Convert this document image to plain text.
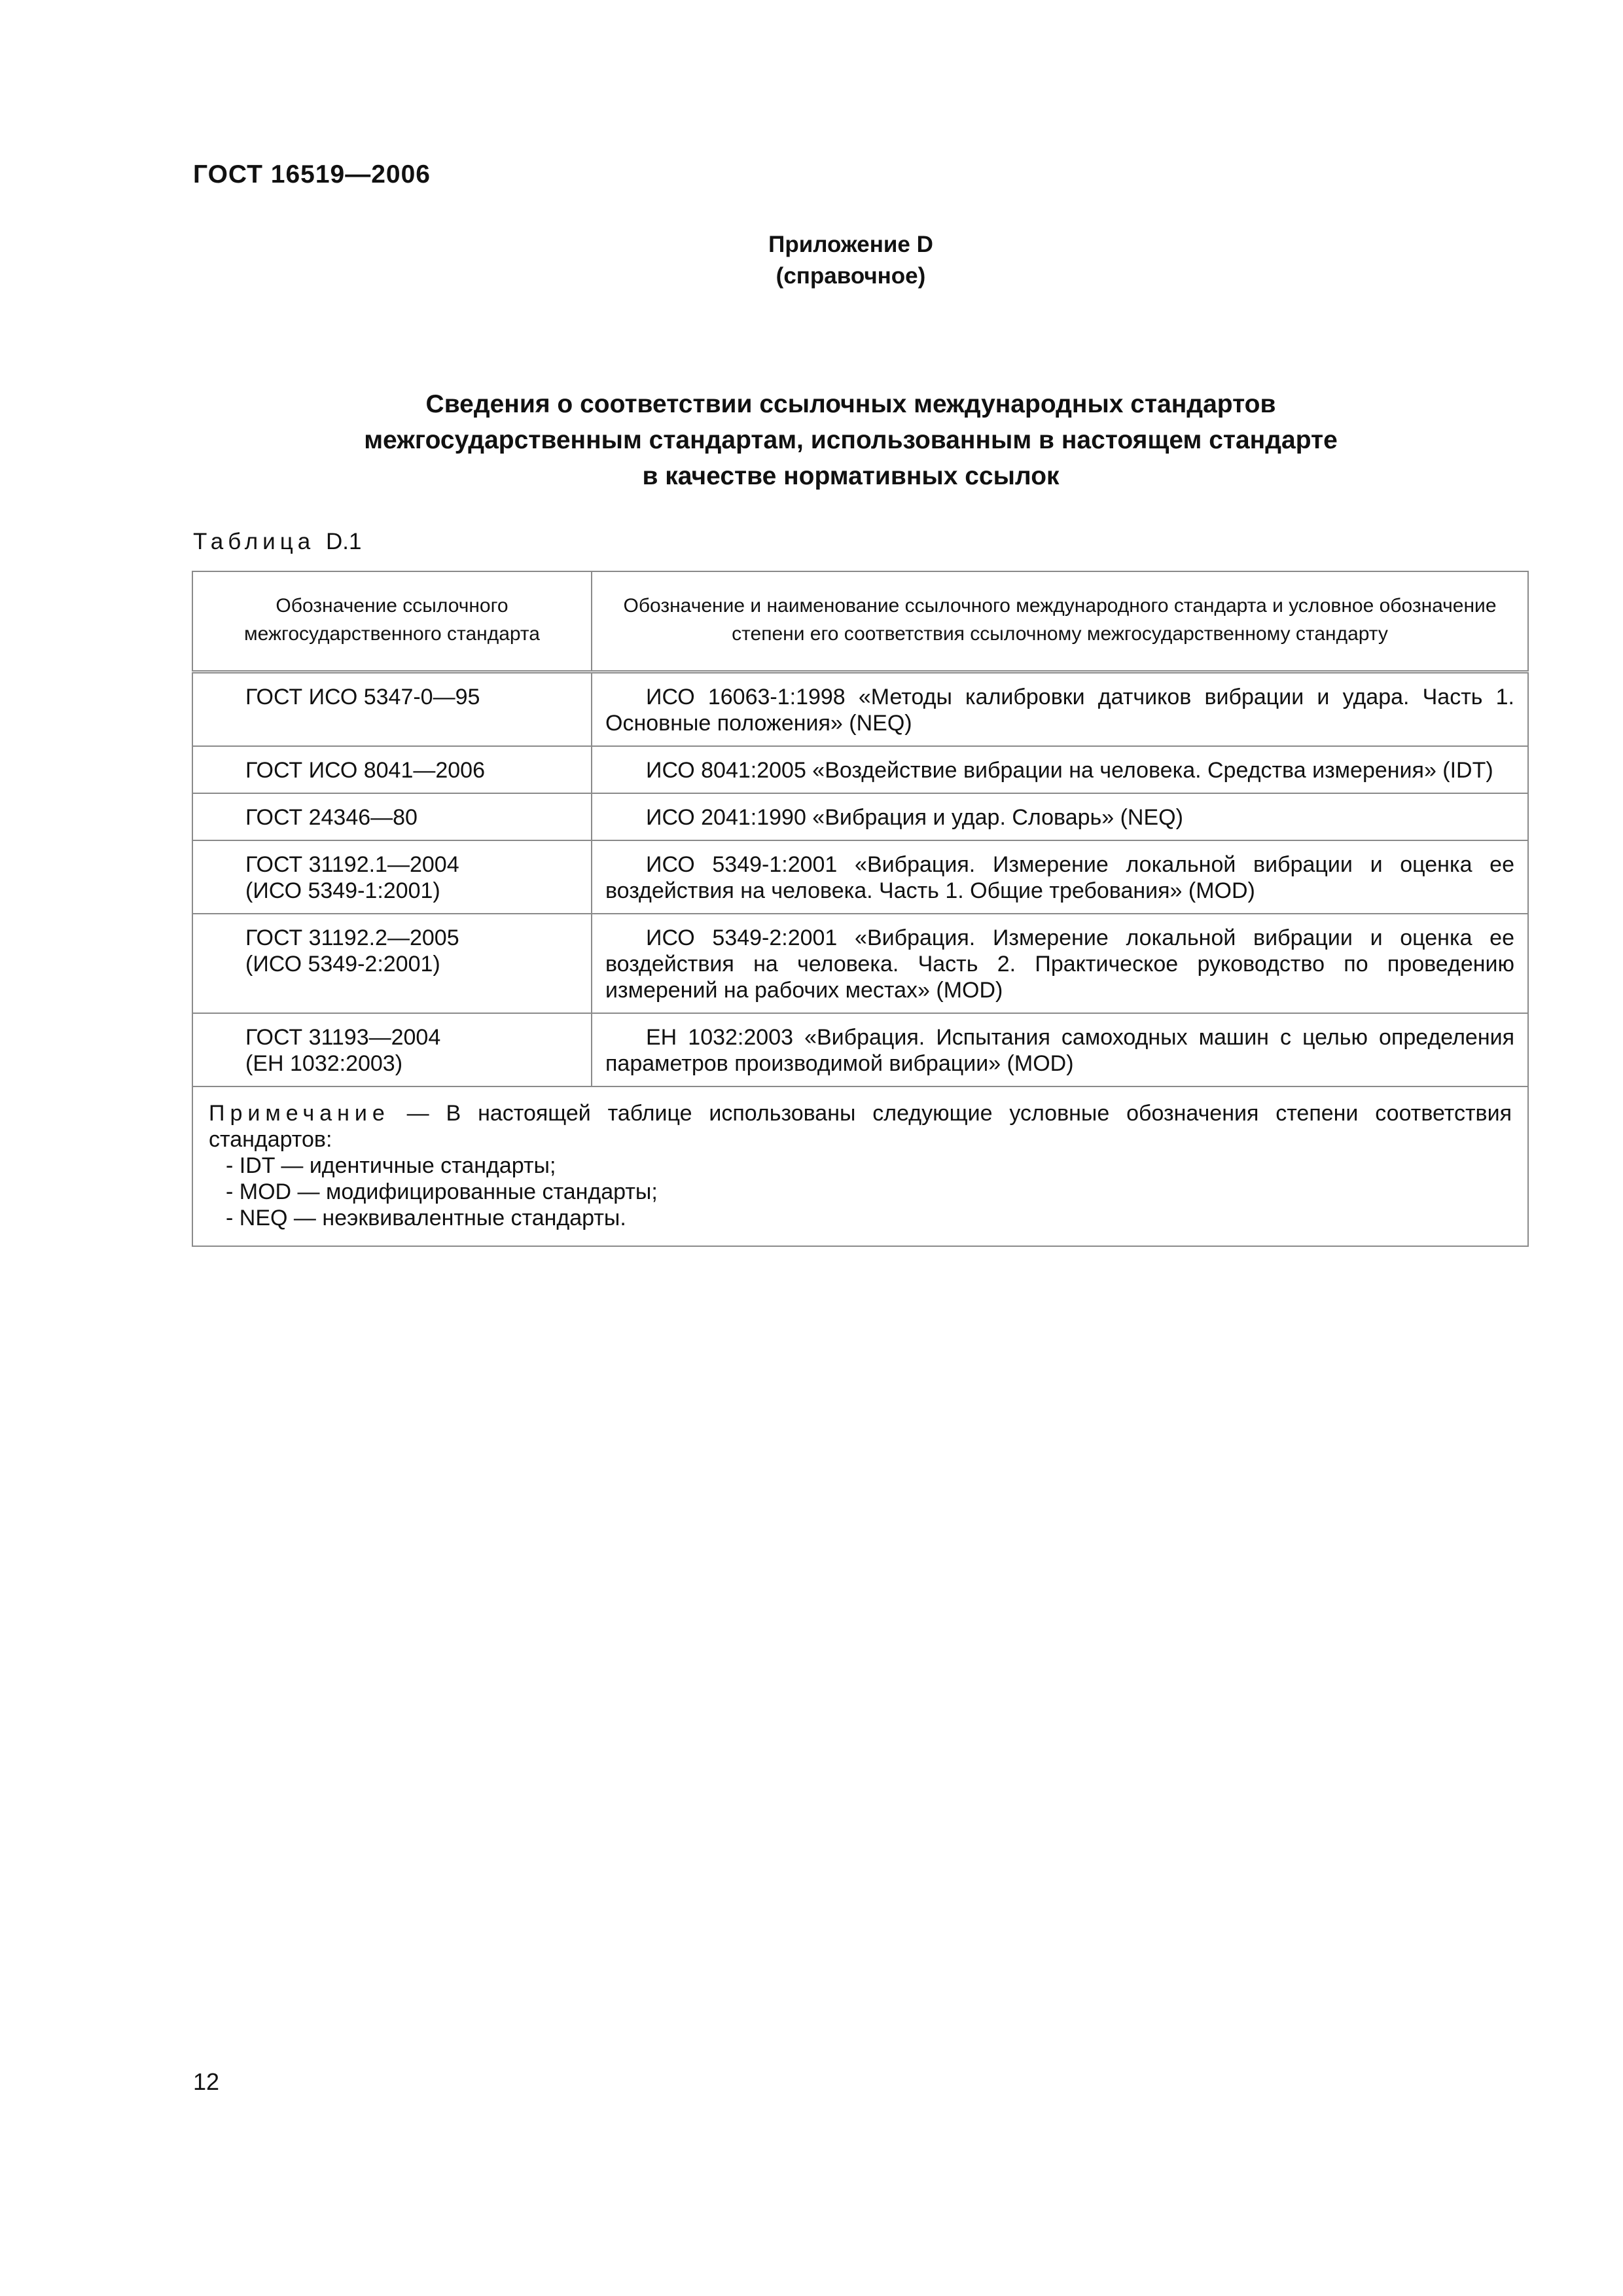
ГОСТ 16519—2006
Приложение D
(справочное)
Сведения о соответствии ссылочных международных стандартов
межгосударственным стандартам, использованным в настоящем стандарте
в качестве нормативных ссылок
Таблица D.1
Обозначение ссылочного межгосударственного стандарта	Обозначение и наименование ссылочного международного стандарта и условное обозначение степени его соответствия ссылочному межгосударственному стандарту

ГОСТ ИСО 5347-0—95	ИСО 16063-1:1998 «Методы калибровки датчиков вибрации и удара. Часть 1. Основные положения» (NEQ)

ГОСТ ИСО 8041—2006	ИСО 8041:2005 «Воздействие вибрации на человека. Средства измерения» (IDT)

ГОСТ 24346—80	ИСО 2041:1990 «Вибрация и удар. Словарь» (NEQ)

ГОСТ 31192.1—2004
(ИСО 5349-1:2001)	ИСО 5349-1:2001 «Вибрация. Измерение локальной вибрации и оценка ее воздействия на человека. Часть 1. Общие требования» (MOD)

ГОСТ 31192.2—2005
(ИСО 5349-2:2001)	ИСО 5349-2:2001 «Вибрация. Измерение локальной вибрации и оценка ее воздействия на человека. Часть 2. Практическое руководство по проведению измерений на рабочих местах» (MOD)

ГОСТ 31193—2004
(ЕН 1032:2003)	ЕН 1032:2003 «Вибрация. Испытания самоходных машин с целью определения параметров производимой вибрации» (MOD)
Примечание — В настоящей таблице использованы следующие условные обозначения степени соответствия стандартов:
- IDT — идентичные стандарты;
- MOD — модифицированные стандарты;
- NEQ — неэквивалентные стандарты.	
12
